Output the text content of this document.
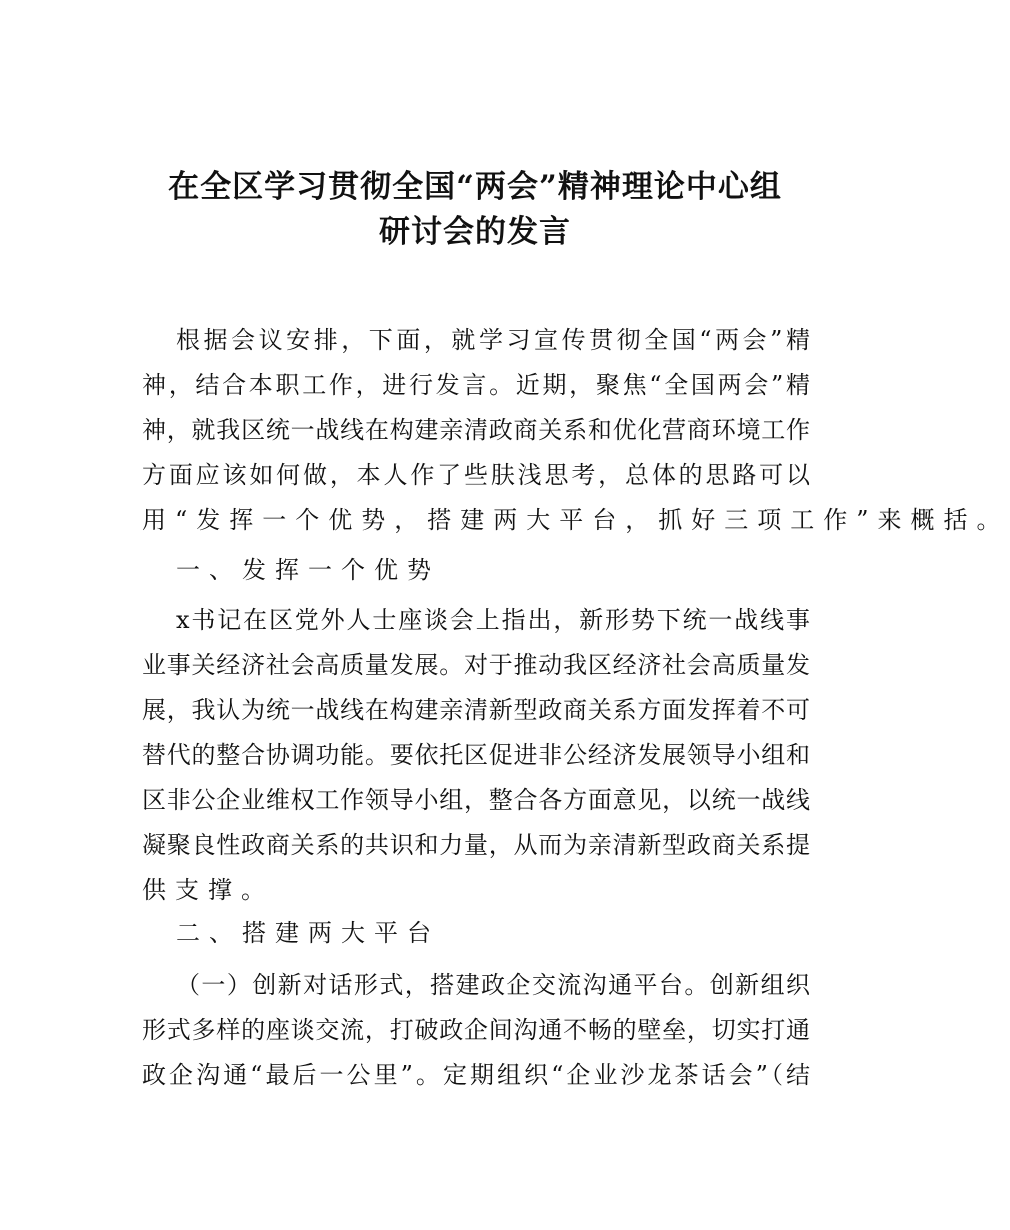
在全区学习贯彻全国“两会”精神理论中心组
研讨会的发言
根据会议安排，下面，就学习宣传贯彻全国“两会”精
神，结合本职工作，进行发言。近期，聚焦“全国两会”精
神，就我区统一战线在构建亲清政商关系和优化营商环境工作
方面应该如何做，本人作了些肤浅思考，总体的思路可以
用“发挥一个优势，搭建两大平台，抓好三项工作”来概括。
一、发挥一个优势
x书记在区党外人士座谈会上指出，新形势下统一战线事
业事关经济社会高质量发展。对于推动我区经济社会高质量发
展，我认为统一战线在构建亲清新型政商关系方面发挥着不可
替代的整合协调功能。要依托区促进非公经济发展领导小组和
区非公企业维权工作领导小组，整合各方面意见，以统一战线
凝聚良性政商关系的共识和力量，从而为亲清新型政商关系提
供支撑。
二、搭建两大平台
（一）创新对话形式，搭建政企交流沟通平台。创新组织
形式多样的座谈交流，打破政企间沟通不畅的壁垒，切实打通
政企沟通“最后一公里”。定期组织“企业沙龙茶话会”（结
